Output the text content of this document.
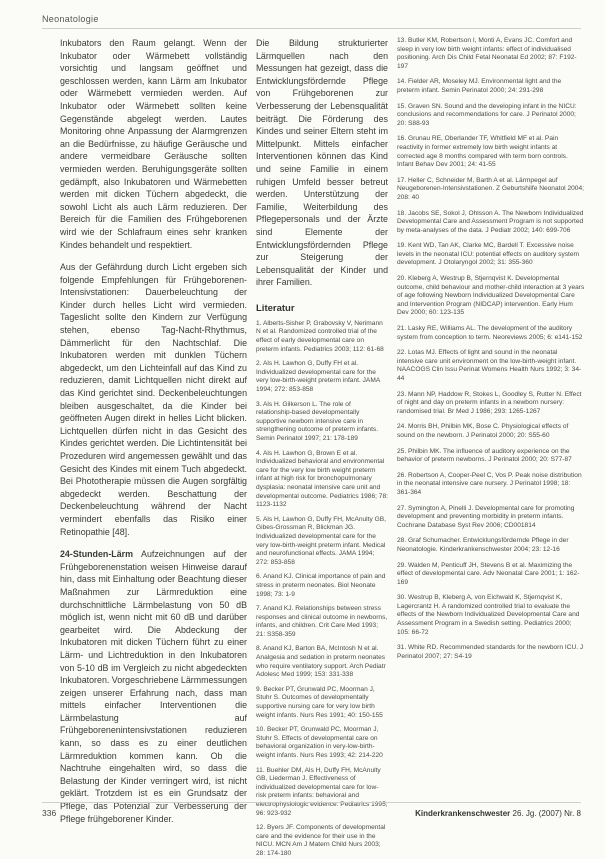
Neonatologie

Inkubators den Raum gelangt. Wenn der Inkubator oder Wärmebett vollständig vorsichtig und langsam geöffnet und geschlossen werden, kann Lärm am Inkubator oder Wärmebett vermieden werden. Auf Inkubator oder Wärmebett sollten keine Gegenstände abgelegt werden. Lautes Monitoring ohne Anpassung der Alarmgrenzen an die Bedürfnisse, zu häufige Geräusche und andere vermeidbare Geräusche sollten vermieden werden. Beruhigungsgeräte sollten gedämpft, also Inkubatoren und Wärmebetten werden mit dicken Tüchern abgedeckt, die sowohl Licht als auch Lärm reduzieren. Der Bereich für die Familien des Frühgeborenen wird wie der Schlafraum eines sehr kranken Kindes behandelt und respektiert.

Aus der Gefährdung durch Licht ergeben sich folgende Empfehlungen für Frühgeborenen-Intensivstationen: Dauerbeleuchtung der Kinder durch helles Licht wird vermieden. Tageslicht sollte den Kindern zur Verfügung stehen, ebenso Tag-Nacht-Rhythmus, Dämmerlicht für den Nachtschlaf. Die Inkubatoren werden mit dunklen Tüchern abgedeckt, um den Lichteinfall auf das Kind zu reduzieren, damit Lichtquellen nicht direkt auf das Kind gerichtet sind. Deckenbeleuchtungen bleiben ausgeschaltet, da die Kinder bei geöffneten Augen direkt in helles Licht blicken. Lichtquellen dürfen nicht in das Gesicht des Kindes gerichtet werden. Die Lichtintensität bei Prozeduren wird angemessen gewählt und das Gesicht des Kindes mit einem Tuch abgedeckt. Bei Phototherapie müssen die Augen sorgfältig abgedeckt werden. Beschattung der Deckenbeleuchtung während der Nacht vermindert ebenfalls das Risiko einer Retinopathie [48].

24-Stunden-Lärm Aufzeichnungen auf der Frühgeborenenstation weisen Hinweise darauf hin, dass mit Einhaltung oder Beachtung dieser Maßnahmen zur Lärmreduktion eine durchschnittliche Lärmbelastung von 50 dB möglich ist, wenn nicht mit 60 dB und darüber gearbeitet wird. Die Abdeckung der Inkubatoren mit dicken Tüchern führt zu einer Lärm- und Lichtreduktion in den Inkubatoren von 5-10 dB im Vergleich zu nicht abgedeckten Inkubatoren. Vorgeschriebene Lärmmessungen zeigen unserer Erfahrung nach, dass man mittels einfacher Interventionen die Lärmbelastung auf Frühgeborenenintensivstationen reduzieren kann, so dass es zu einer deutlichen Lärmreduktion kommen kann. Ob die Nachtruhe eingehalten wird, so dass die Belastung der Kinder verringert wird, ist nicht geklärt. Trotzdem ist es ein Grundsatz der Pflege, das Potenzial zur Verbesserung der Pflege frühgeborener Kinder.

Die Bildung strukturierter Lärmquellen nach den Messungen hat gezeigt, dass die Entwicklungsfördernde Pflege von Frühgeborenen zur Verbesserung der Lebensqualität beiträgt. Die Förderung des Kindes und seiner Eltern steht im Mittelpunkt. Mittels einfacher Interventionen können das Kind und seine Familie in einem ruhigen Umfeld besser betreut werden. Unterstützung der Familie, Weiterbildung des Pflegepersonals und der Ärzte sind Elemente der Entwicklungsfördernden Pflege zur Steigerung der Lebensqualität der Kinder und ihrer Familien.

Literatur
1. Alberts-Sisher P, Grabovsky V, Nerimann N et al. Randomized controlled trial of the effect of early developmental care on preterm infants. Pediatrics 2003; 112: 61-68
2. Als H. Lawhon G, Duffy FH et al. Individualized developmental care for the very low-birth-weight preterm infant. JAMA 1994; 272: 853-858
3. Als H. Gilkerson L. The role of relationship-based developmentally supportive newborn intensive care in strengthening outcome of preterm infants. Semin Perinatol 1997; 21: 178-189
4. Als H. Lawhon G, Brown E et al. Individualized behavioral and environmental care for the very low birth weight preterm infant at high risk for bronchopulmonary dysplasia: neonatal intensive care unit and developmental outcome. Pediatrics 1986; 78: 1123-1132
5. Als H, Lawhon G, Duffy FH, McAnulty GB, Gibes-Grossman R, Blickman JG. Individualized developmental care for the very low-birth-weight preterm infant. Medical and neurofunctional effects. JAMA 1994; 272: 853-858
6. Anand KJ. Clinical importance of pain and stress in preterm neonates. Biol Neonate 1998; 73: 1-9
7. Anand KJ. Relationships between stress responses and clinical outcome in newborns, infants, and children. Crit Care Med 1993; 21: S358-359
8. Anand KJ, Barton BA, McIntosh N et al. Analgesia and sedation in preterm neonates who require ventilatory support. Arch Pediatr Adolesc Med 1999; 153: 331-338
9. Becker PT, Grunwald PC, Moorman J, Stuhr S. Outcomes of developmentally supportive nursing care for very low birth weight infants. Nurs Res 1991; 40: 150-155
10. Becker PT, Grunwald PC, Moorman J, Stuhr S. Effects of developmental care on behavioral organization in very-low-birth-weight infants. Nurs Res 1993; 42: 214-220
11. Buehler DM, Als H, Duffy FH, McAnulty GB, Liederman J. Effectiveness of individualized developmental care for low-risk preterm infants: behavioral and electrophysiologic evidence. Pediatrics 1995; 96: 923-932
12. Byers JF. Components of developmental care and the evidence for their use in the NICU. MCN Am J Matern Child Nurs 2003; 28: 174-180
13. Butler KM, Robertson I, Monti A, Evans JC. Comfort and sleep in very low birth weight infants: effect of individualised positioning. Arch Dis Child Fetal Neonatal Ed 2002; 87: F192-197
14. Fielder AR, Moseley MJ. Environmental light and the preterm infant. Semin Perinatol 2000; 24: 291-298
15. Graven SN. Sound and the developing infant in the NICU: conclusions and recommendations for care. J Perinatol 2000; 20: S88-93
16. Grunau RE, Oberlander TF, Whitfield MF et al. Pain reactivity in former extremely low birth weight infants at corrected age 8 months compared with term born controls. Infant Behav Dev 2001; 24: 41-55
17. Heller C, Schneider M, Barth A et al. Lärmpegel auf Neugeborenen-Intensivstationen. Z Geburtshilfe Neonatol 2004; 208: 40
18. Jacobs SE, Sokol J, Ohlsson A. The Newborn Individualized Developmental Care and Assessment Program is not supported by meta-analyses of the data. J Pediatr 2002; 140: 699-706
19. Kent WD, Tan AK, Clarke MC, Bardell T. Excessive noise levels in the neonatal ICU: potential effects on auditory system development. J Otolaryngol 2002; 31: 355-360
20. Kleberg A, Westrup B, Stjernqvist K. Developmental outcome, child behaviour and mother-child interaction at 3 years of age following Newborn Individualized Developmental Care and Intervention Program (NIDCAP) intervention. Early Hum Dev 2000; 60: 123-135
21. Lasky RE, Williams AL. The development of the auditory system from conception to term. Neoreviews 2005; 6: e141-152
22. Lotas MJ. Effects of light and sound in the neonatal intensive care unit environment on the low-birth-weight infant. NAACOGS Clin Issu Perinat Womens Health Nurs 1992; 3: 34-44
23. Mann NP, Haddow R, Stokes L, Goodley S, Rutter N. Effect of night and day on preterm infants in a newborn nursery: randomised trial. Br Med J 1986; 293: 1265-1267
24. Morris BH, Philbin MK, Bose C. Physiological effects of sound on the newborn. J Perinatol 2000; 20: S55-60
25. Philbin MK. The influence of auditory experience on the behavior of preterm newborns. J Perinatol 2000; 20: S77-87
26. Robertson A, Cooper-Peel C, Vos P. Peak noise distribution in the neonatal intensive care nursery. J Perinatol 1998; 18: 361-364
27. Symington A, Pinelli J. Developmental care for promoting development and preventing morbidity in preterm infants. Cochrane Database Syst Rev 2006; CD001814
28. Graf Schumacher. Entwicklungsfördernde Pflege in der Neonatologie. Kinderkrankenschwester 2004; 23: 12-16
29. Walden M, Penticuff JH, Stevens B et al. Maximizing the effect of developmental care. Adv Neonatal Care 2001; 1: 162-169
30. Westrup B, Kleberg A, von Eichwald K, Stjernqvist K, Lagercrantz H. A randomized controlled trial to evaluate the effects of the Newborn Individualized Developmental Care and Assessment Program in a Swedish setting. Pediatrics 2000; 105: 66-72
31. White RD. Recommended standards for the newborn ICU. J Perinatol 2007; 27: S4-19
336	Kinderkrankenschwester 26. Jg. (2007) Nr. 8
